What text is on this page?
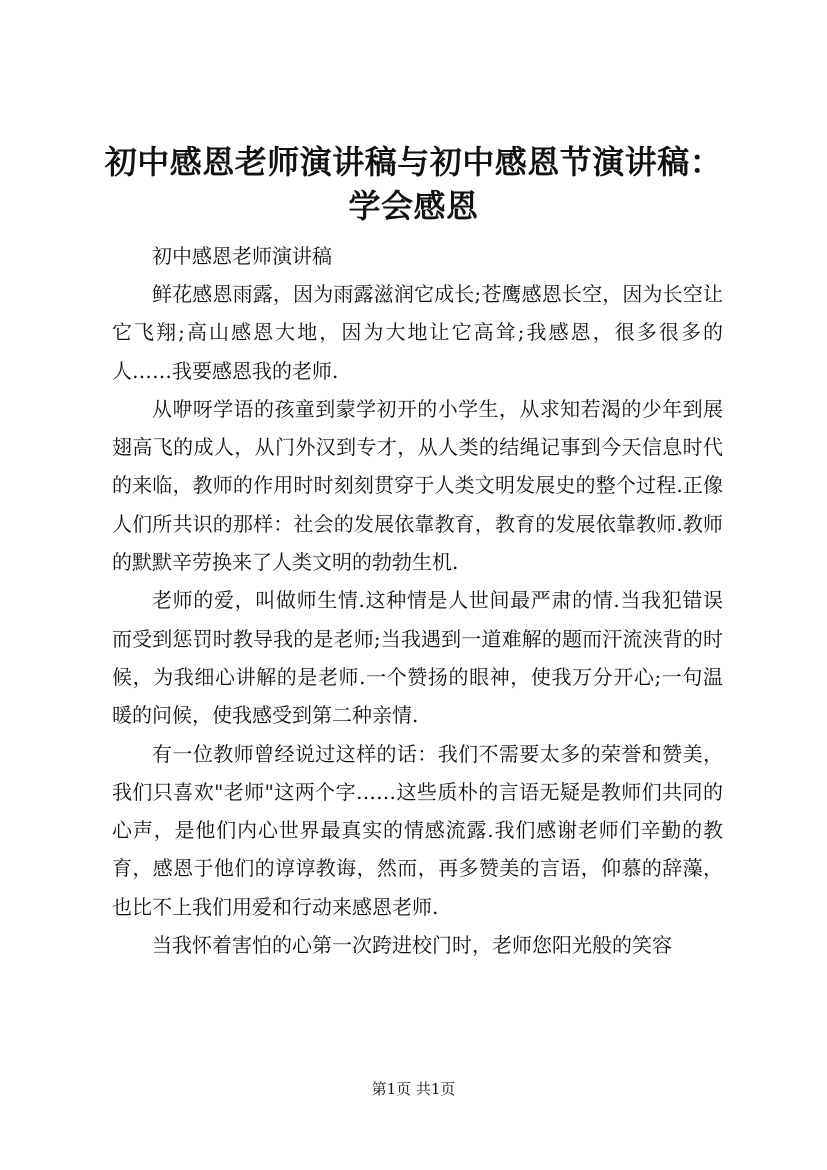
初中感恩老师演讲稿与初中感恩节演讲稿：学会感恩

初中感恩老师演讲稿

鲜花感恩雨露，因为雨露滋润它成长;苍鹰感恩长空，因为长空让它飞翔;高山感恩大地，因为大地让它高耸;我感恩，很多很多的人……我要感恩我的老师.

从咿呀学语的孩童到蒙学初开的小学生，从求知若渴的少年到展翅高飞的成人，从门外汉到专才，从人类的结绳记事到今天信息时代的来临，教师的作用时时刻刻贯穿于人类文明发展史的整个过程.正像人们所共识的那样：社会的发展依靠教育，教育的发展依靠教师.教师的默默辛劳换来了人类文明的勃勃生机.

老师的爱，叫做师生情.这种情是人世间最严肃的情.当我犯错误而受到惩罚时教导我的是老师;当我遇到一道难解的题而汗流浃背的时候，为我细心讲解的是老师.一个赞扬的眼神，使我万分开心;一句温暖的问候，使我感受到第二种亲情.

有一位教师曾经说过这样的话：我们不需要太多的荣誉和赞美，我们只喜欢"老师"这两个字……这些质朴的言语无疑是教师们共同的心声，是他们内心世界最真实的情感流露.我们感谢老师们辛勤的教育，感恩于他们的谆谆教诲，然而，再多赞美的言语，仰慕的辞藻，也比不上我们用爱和行动来感恩老师.

当我怀着害怕的心第一次跨进校门时，老师您阳光般的笑容

第1页 共1页
